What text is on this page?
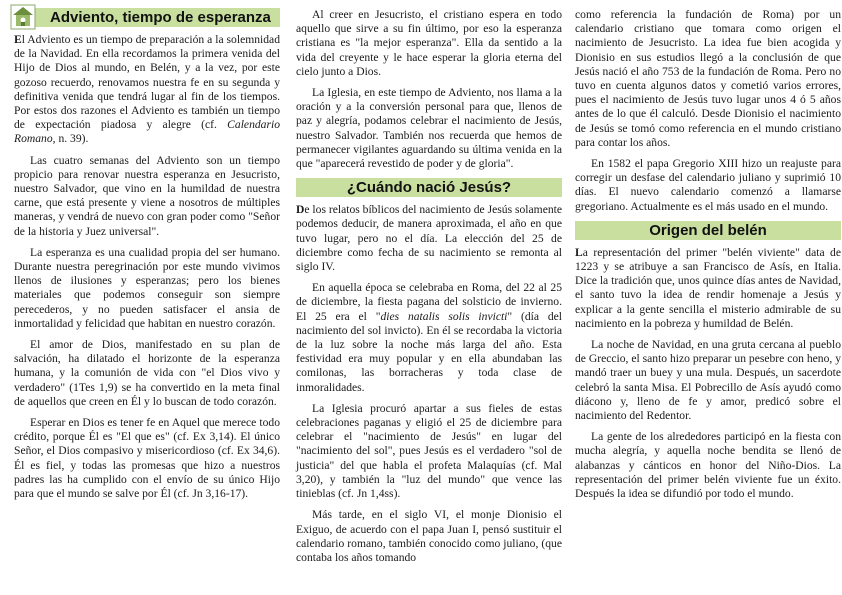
Adviento, tiempo de esperanza

El Adviento es un tiempo de preparación a la solemnidad de la Navidad. En ella recordamos la primera venida del Hijo de Dios al mundo, en Belén, y a la vez, por este gozoso recuerdo, renovamos nuestra fe en su segunda y definitiva venida que tendrá lugar al fin de los tiempos. Por estos dos razones el Adviento es también un tiempo de expectación piadosa y alegre (cf. Calendario Romano, n. 39).

Las cuatro semanas del Adviento son un tiempo propicio para renovar nuestra esperanza en Jesucristo, nuestro Salvador, que vino en la humildad de nuestra carne, que está presente y viene a nosotros de múltiples maneras, y vendrá de nuevo con gran poder como "Señor de la historia y Juez universal".

La esperanza es una cualidad propia del ser humano. Durante nuestra peregrinación por este mundo vivimos llenos de ilusiones y esperanzas; pero los bienes materiales que podemos conseguir son siempre perecederos, y no pueden satisfacer el ansia de inmortalidad y felicidad que habitan en nuestro corazón.

El amor de Dios, manifestado en su plan de salvación, ha dilatado el horizonte de la esperanza humana, y la comunión de vida con "el Dios vivo y verdadero" (1Tes 1,9) se ha convertido en la meta final de aquellos que creen en Él y lo buscan de todo corazón.

Esperar en Dios es tener fe en Aquel que merece todo crédito, porque Él es "El que es" (cf. Ex 3,14). El único Señor, el Dios compasivo y misericordioso (cf. Ex 34,6). Él es fiel, y todas las promesas que hizo a nuestros padres las ha cumplido con el envío de su único Hijo para que el mundo se salve por Él (cf. Jn 3,16-17).

Al creer en Jesucristo, el cristiano espera en todo aquello que sirve a su fin último, por eso la esperanza cristiana es "la mejor esperanza". Ella da sentido a la vida del creyente y le hace esperar la gloria eterna del cielo junto a Dios.

La Iglesia, en este tiempo de Adviento, nos llama a la oración y a la conversión personal para que, llenos de paz y alegría, podamos celebrar el nacimiento de Jesús, nuestro Salvador. También nos recuerda que hemos de permanecer vigilantes aguardando su última venida en la que "aparecerá revestido de poder y de gloria".

¿Cuándo nació Jesús?

De los relatos bíblicos del nacimiento de Jesús solamente podemos deducir, de manera aproximada, el año en que tuvo lugar, pero no el día. La elección del 25 de diciembre como fecha de su nacimiento se remonta al siglo IV.

En aquella época se celebraba en Roma, del 22 al 25 de diciembre, la fiesta pagana del solsticio de invierno. El 25 era el "dies natalis solis invicti" (día del nacimiento del sol invicto). En él se recordaba la victoria de la luz sobre la noche más larga del año. Esta festividad era muy popular y en ella abundaban las comilonas, las borracheras y toda clase de inmoralidades.

La Iglesia procuró apartar a sus fieles de estas celebraciones paganas y eligió el 25 de diciembre para celebrar el "nacimiento de Jesús" en lugar del "nacimiento del sol", pues Jesús es el verdadero "sol de justicia" del que habla el profeta Malaquías (cf. Mal 3,20), y también la "luz del mundo" que vence las tinieblas (cf. Jn 1,4ss).

Más tarde, en el siglo VI, el monje Dionisio el Exiguo, de acuerdo con el papa Juan I, pensó sustituir el calendario romano, también conocido como juliano, (que contaba los años tomando

como referencia la fundación de Roma) por un calendario cristiano que tomara como origen el nacimiento de Jesucristo. La idea fue bien acogida y Dionisio en sus estudios llegó a la conclusión de que Jesús nació el año 753 de la fundación de Roma. Pero no tuvo en cuenta algunos datos y cometió varios errores, pues el nacimiento de Jesús tuvo lugar unos 4 ó 5 años antes de lo que él calculó. Desde Dionisio el nacimiento de Jesús se tomó como referencia en el mundo cristiano para contar los años.

En 1582 el papa Gregorio XIII hizo un reajuste para corregir un desfase del calendario juliano y suprimió 10 días. El nuevo calendario comenzó a llamarse gregoriano. Actualmente es el más usado en el mundo.

Origen del belén

La representación del primer "belén viviente" data de 1223 y se atribuye a san Francisco de Asís, en Italia. Dice la tradición que, unos quince días antes de Navidad, el santo tuvo la idea de rendir homenaje a Jesús y explicar a la gente sencilla el misterio admirable de su nacimiento en la pobreza y humildad de Belén.

La noche de Navidad, en una gruta cercana al pueblo de Greccio, el santo hizo preparar un pesebre con heno, y mandó traer un buey y una mula. Después, un sacerdote celebró la santa Misa. El Pobrecillo de Asís ayudó como diácono y, lleno de fe y amor, predicó sobre el nacimiento del Redentor.

La gente de los alrededores participó en la fiesta con mucha alegría, y aquella noche bendita se llenó de alabanzas y cánticos en honor del Niño-Dios. La representación del primer belén viviente fue un éxito. Después la idea se difundió por todo el mundo.
